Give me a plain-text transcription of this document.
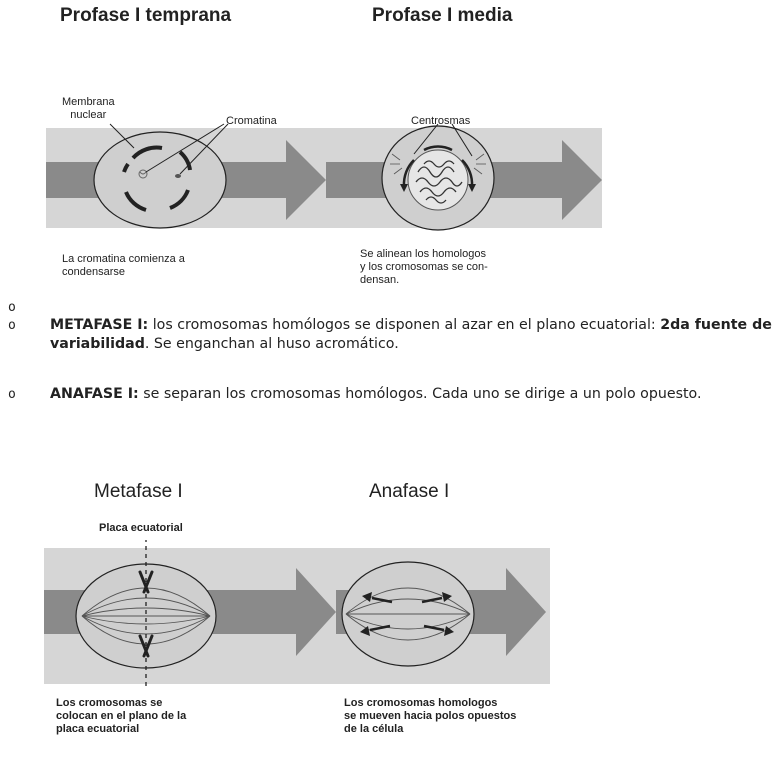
Profase I temprana	Profase I media
Membrana
nuclear	Cromatina	Centrosmas
La cromatina comienza a
condensarse
Se alinean los homologos
y los cromosomas se con-
densan.
o
o METAFASE I: los cromosomas homólogos se disponen al azar en el plano ecuatorial: 2da fuente de variabilidad. Se enganchan al huso acromático.
o ANAFASE I: se separan los cromosomas homólogos. Cada uno se dirige a un polo opuesto.
Metafase I	Anafase I
Placa ecuatorial
Los cromosomas se
colocan en el plano de la
placa ecuatorial
Los cromosomas homologos
se mueven hacia polos opuestos
de la célula
